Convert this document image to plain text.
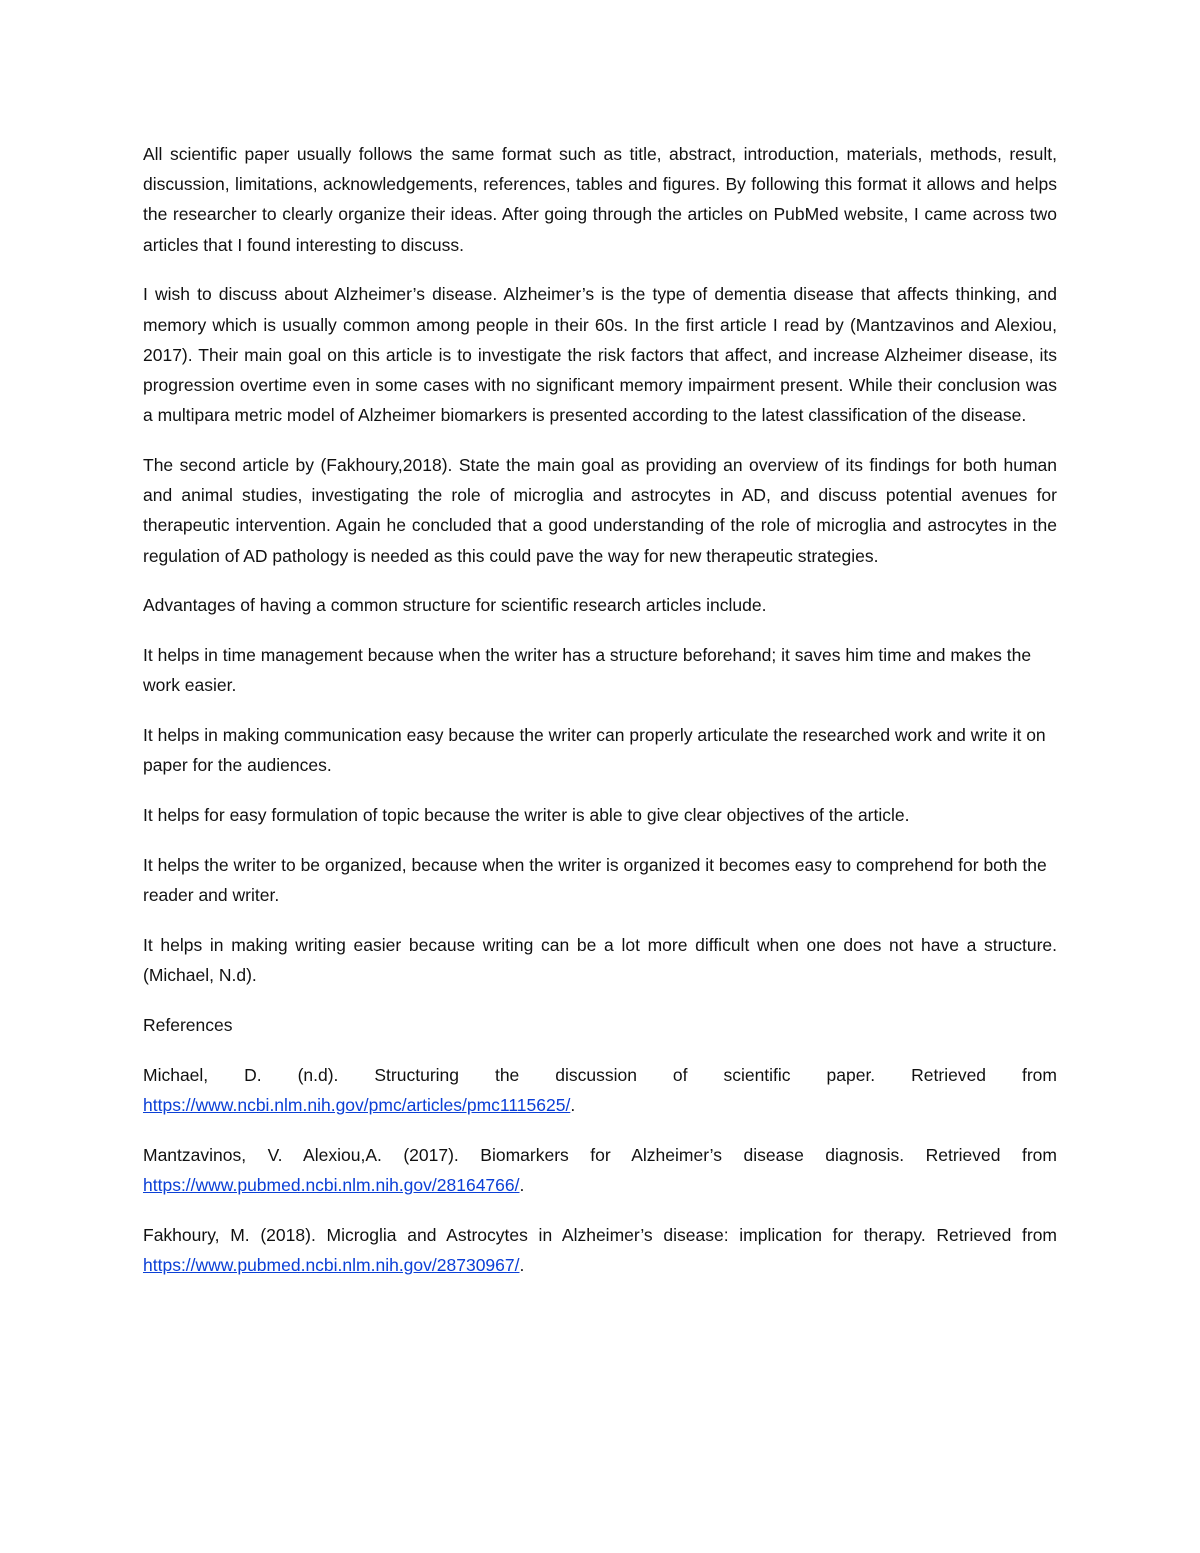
All scientific paper usually follows the same format such as title, abstract, introduction, materials, methods, result, discussion, limitations, acknowledgements, references, tables and figures. By following this format it allows and helps the researcher to clearly organize their ideas. After going through the articles on PubMed website, I came across two articles that I found interesting to discuss.

I wish to discuss about Alzheimer’s disease. Alzheimer’s is the type of dementia disease that affects thinking, and memory which is usually common among people in their 60s. In the first article I read by (Mantzavinos and Alexiou, 2017). Their main goal on this article is to investigate the risk factors that affect, and increase Alzheimer disease, its progression overtime even in some cases with no significant memory impairment present. While their conclusion was a multipara metric model of Alzheimer biomarkers is presented according to the latest classification of the disease.

The second article by (Fakhoury,2018). State the main goal as providing an overview of its findings for both human and animal studies, investigating the role of microglia and astrocytes in AD, and discuss potential avenues for therapeutic intervention. Again he concluded that a good understanding of the role of microglia and astrocytes in the regulation of AD pathology is needed as this could pave the way for new therapeutic strategies.

Advantages of having a common structure for scientific research articles include.

It helps in time management because when the writer has a structure beforehand; it saves him time and makes the work easier.

It helps in making communication easy because the writer can properly articulate the researched work and write it on paper for the audiences.

It helps for easy formulation of topic because the writer is able to give clear objectives of the article.

It helps the writer to be organized, because when the writer is organized it becomes easy to comprehend for both the reader and writer.

It helps in making writing easier because writing can be a lot more difficult when one does not have a structure.(Michael, N.d).

References

Michael, D. (n.d). Structuring the discussion of scientific paper. Retrieved from https://www.ncbi.nlm.nih.gov/pmc/articles/pmc1115625/.

Mantzavinos, V. Alexiou,A. (2017). Biomarkers for Alzheimer’s disease diagnosis. Retrieved from https://www.pubmed.ncbi.nlm.nih.gov/28164766/.

Fakhoury, M. (2018). Microglia and Astrocytes in Alzheimer’s disease: implication for therapy. Retrieved from https://www.pubmed.ncbi.nlm.nih.gov/28730967/.
